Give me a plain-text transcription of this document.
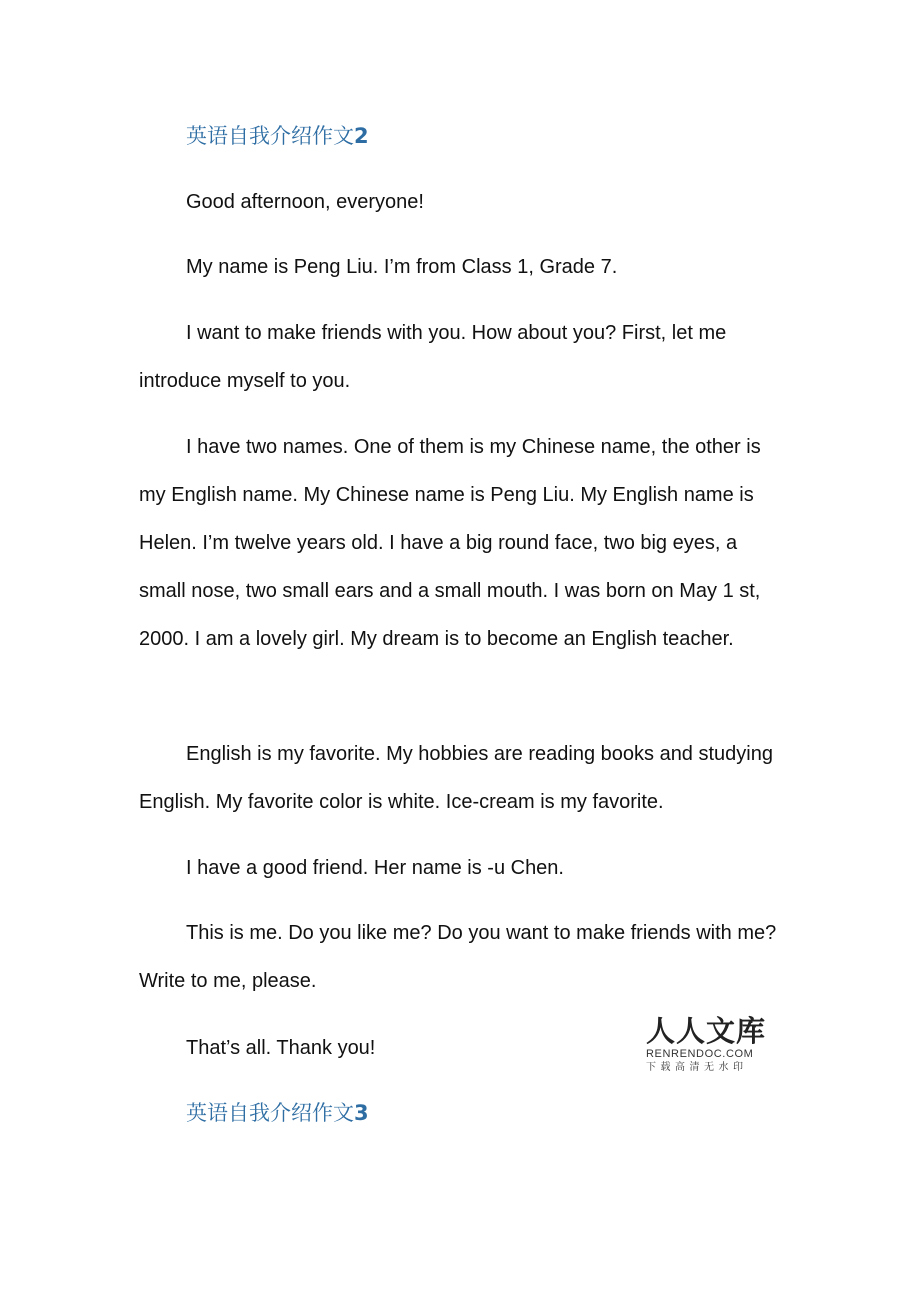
英语自我介绍作文2

Good afternoon, everyone!

My name is Peng Liu. I’m from Class 1, Grade 7.

I want to make friends with you. How about you? First, let me introduce myself to you.

I have two names. One of them is my Chinese name, the other is my English name. My Chinese name is Peng Liu. My English name is Helen. I’m twelve years old. I have a big round face, two big eyes, a small nose, two small ears and a small mouth. I was born on May 1 st, 2000. I am a lovely girl. My dream is to become an English teacher.

English is my favorite. My hobbies are reading books and studying English. My favorite color is white. Ice-cream is my favorite.

I have a good friend. Her name is -u Chen.

This is me. Do you like me? Do you want to make friends with me? Write to me, please.

That’s all. Thank you!	人人文库
RENRENDOC.COM
下载高清无水印
英语自我介绍作文3
